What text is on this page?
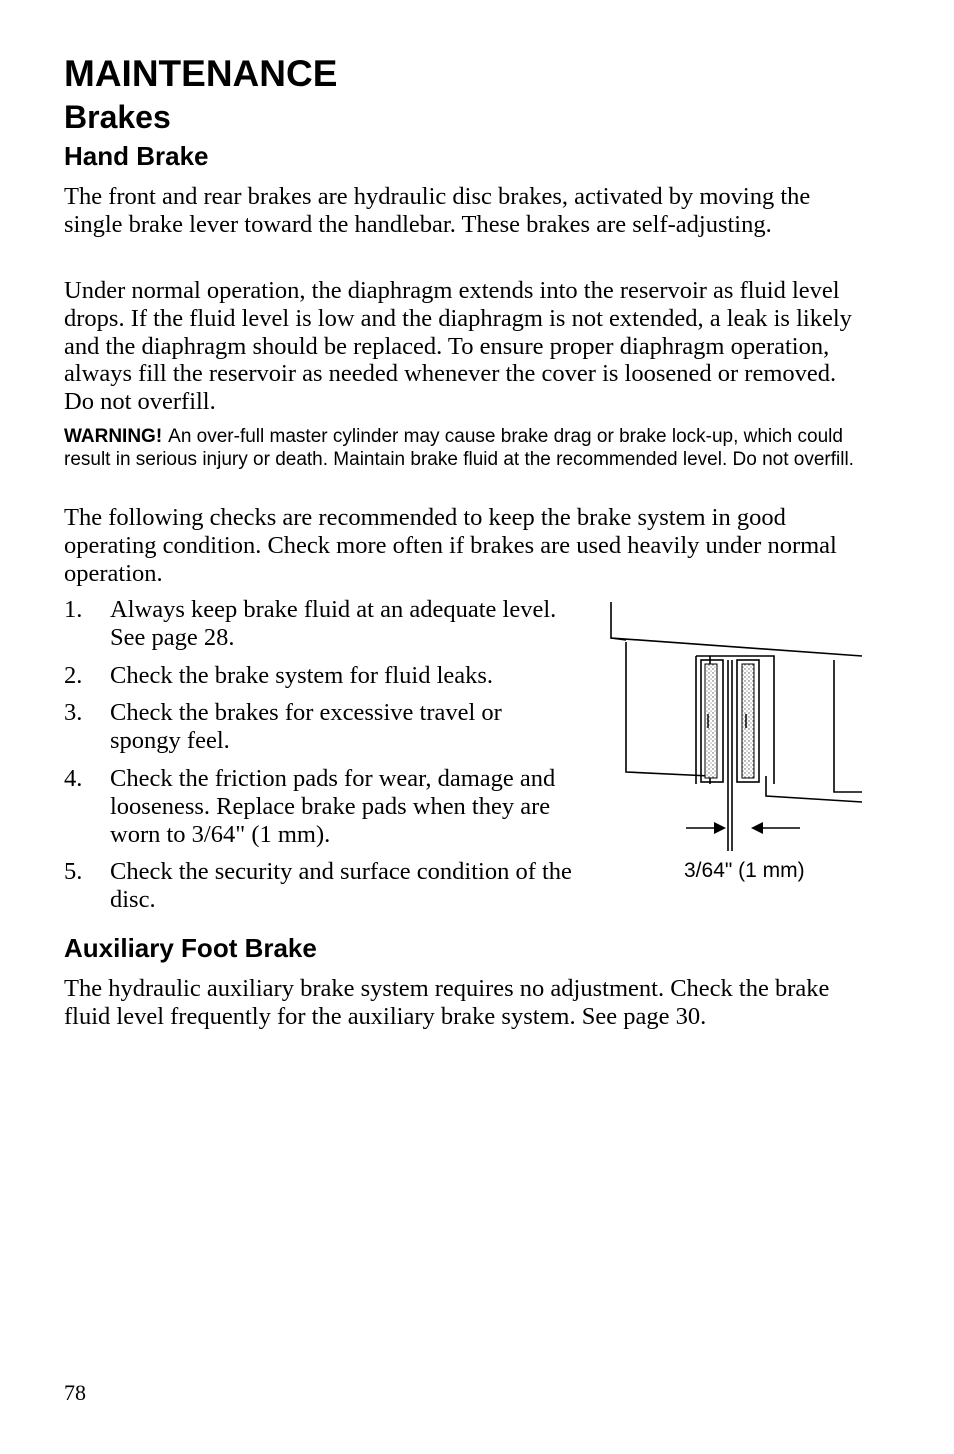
MAINTENANCE
Brakes
Hand Brake

The front and rear brakes are hydraulic disc brakes, activated by moving the single brake lever toward the handlebar. These brakes are self-adjusting.

Under normal operation, the diaphragm extends into the reservoir as fluid level drops. If the fluid level is low and the diaphragm is not extended, a leak is likely and the diaphragm should be replaced. To ensure proper diaphragm operation, always fill the reservoir as needed whenever the cover is loosened or removed. Do not overfill.

WARNING! An over-full master cylinder may cause brake drag or brake lock-up, which could result in serious injury or death. Maintain brake fluid at the recommended level. Do not overfill.

The following checks are recommended to keep the brake system in good operating condition. Check more often if brakes are used heavily under normal operation.

1. Always keep brake fluid at an adequate level. See page 28.
2. Check the brake system for fluid leaks.
3. Check the brakes for excessive travel or spongy feel.
4. Check the friction pads for wear, damage and looseness. Replace brake pads when they are worn to 3/64" (1 mm).
5. Check the security and surface condition of the disc.
3/64" (1 mm)
Auxiliary Foot Brake

The hydraulic auxiliary brake system requires no adjustment. Check the brake fluid level frequently for the auxiliary brake system. See page 30.

78
